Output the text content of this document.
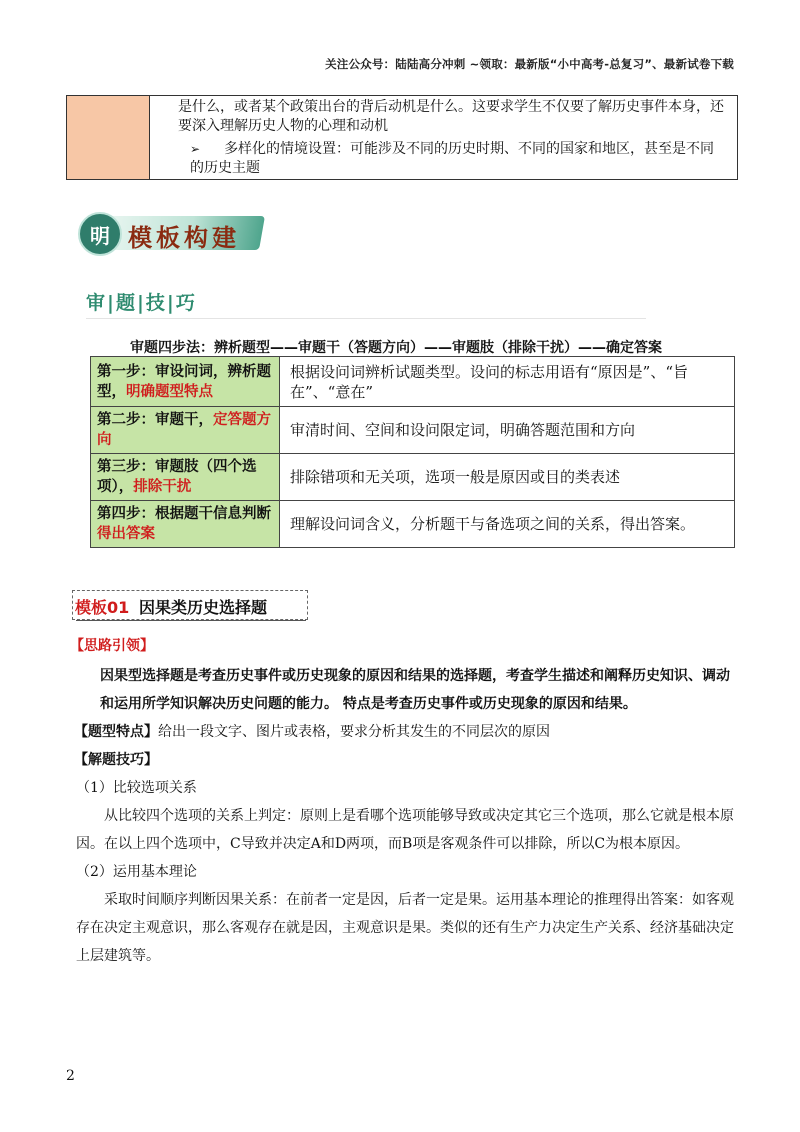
关注公众号：陆陆高分冲刺 ~领取：最新版“小中高考-总复习”、最新试卷下载

是什么，或者某个政策出台的背后动机是什么。这要求学生不仅要了解历史事件本身，还要深入理解历史人物的心理和动机

➢ 多样化的情境设置：可能涉及不同的历史时期、不同的国家和地区，甚至是不同的历史主题

明 模板构建
审|题|技|巧
审题四步法：辨析题型——审题干（答题方向）——审题肢（排除干扰）——确定答案
第一步：审设问词，辨析题型，明确题型特点	根据设问词辨析试题类型。设问的标志用语有“原因是”、“旨在”、“意在”
第二步：审题干，定答题方向	审清时间、空间和设问限定词，明确答题范围和方向
第三步：审题肢（四个选项），排除干扰	排除错项和无关项，选项一般是原因或目的类表述
第四步：根据题干信息判断得出答案	理解设问词含义，分析题干与备选项之间的关系，得出答案。
模板01 因果类历史选择题

【思路引领】

因果型选择题是考查历史事件或历史现象的原因和结果的选择题，考查学生描述和阐释历史知识、调动和运用所学知识解决历史问题的能力。 特点是考查历史事件或历史现象的原因和结果。

【题型特点】给出一段文字、图片或表格，要求分析其发生的不同层次的原因

【解题技巧】

（1）比较选项关系

从比较四个选项的关系上判定：原则上是看哪个选项能够导致或决定其它三个选项，那么它就是根本原因。在以上四个选项中，C导致并决定A和D两项，而B项是客观条件可以排除，所以C为根本原因。

（2）运用基本理论

采取时间顺序判断因果关系：在前者一定是因，后者一定是果。运用基本理论的推理得出答案：如客观存在决定主观意识，那么客观存在就是因，主观意识是果。类似的还有生产力决定生产关系、经济基础决定上层建筑等。

2
